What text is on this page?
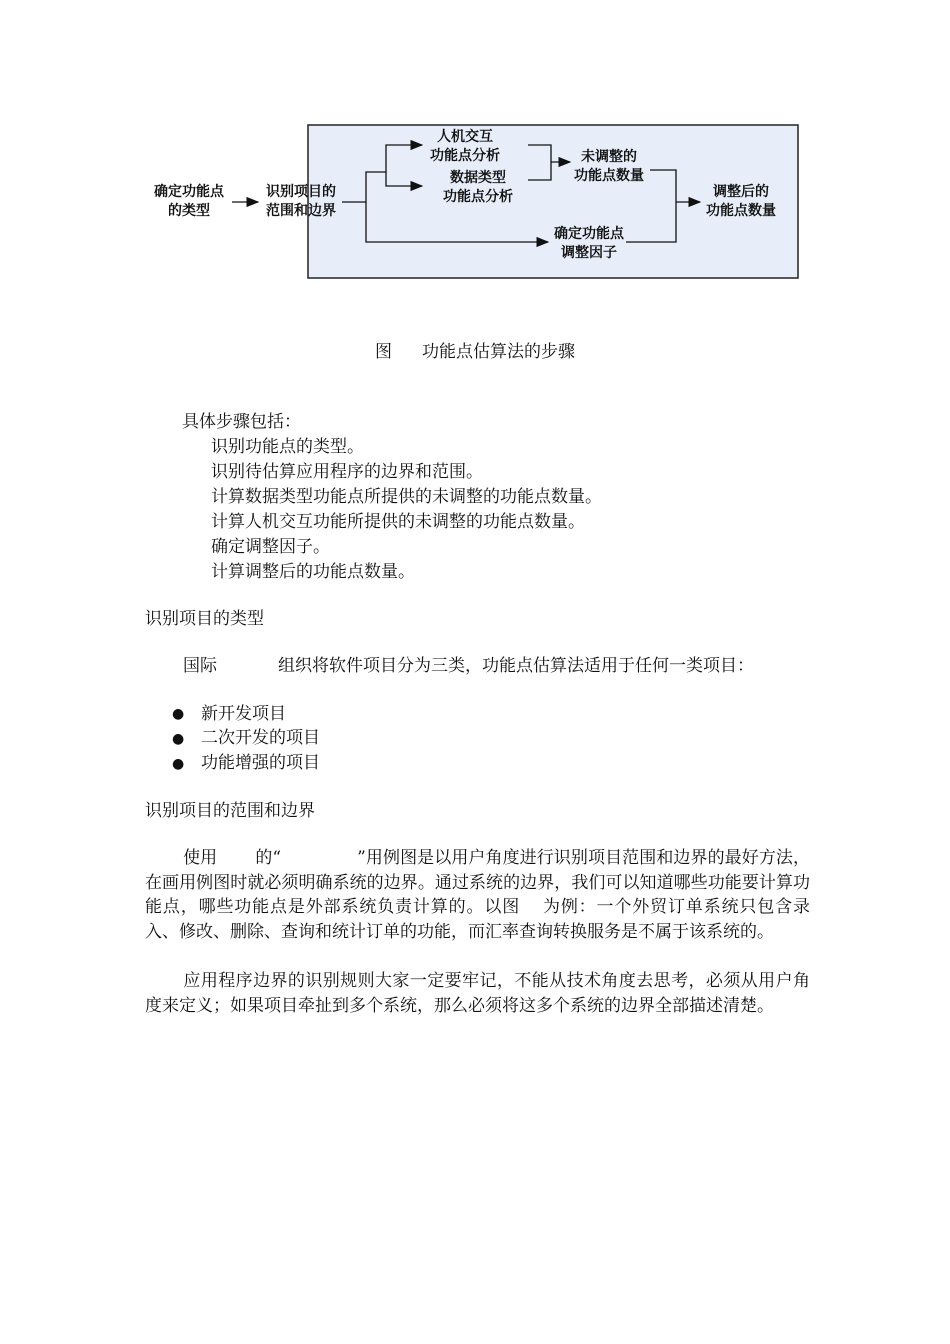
确定功能点
的类型
识别项目的
范围和边界
人机交互
功能点分析
数据类型
功能点分析
未调整的
功能点数量
确定功能点
调整因子
调整后的
功能点数量
图 功能点估算法的步骤
具体步骤包括：
识别功能点的类型。
识别待估算应用程序的边界和范围。
计算数据类型功能点所提供的未调整的功能点数量。
计算人机交互功能所提供的未调整的功能点数量。
确定调整因子。
计算调整后的功能点数量。
识别项目的类型
国际	组织将软件项目分为三类，功能点估算法适用于任何一类项目：
● 新开发项目
● 二次开发的项目
● 功能增强的项目
识别项目的范围和边界
使用 的“	”用例图是以用户角度进行识别项目范围和边界的最好方法，在画用例图时就必须明确系统的边界。通过系统的边界，我们可以知道哪些功能要计算功能点，哪些功能点是外部系统负责计算的。以图 为例：一个外贸订单系统只包含录入、修改、删除、查询和统计订单的功能，而汇率查询转换服务是不属于该系统的。
应用程序边界的识别规则大家一定要牢记，不能从技术角度去思考，必须从用户角度来定义；如果项目牵扯到多个系统，那么必须将这多个系统的边界全部描述清楚。
